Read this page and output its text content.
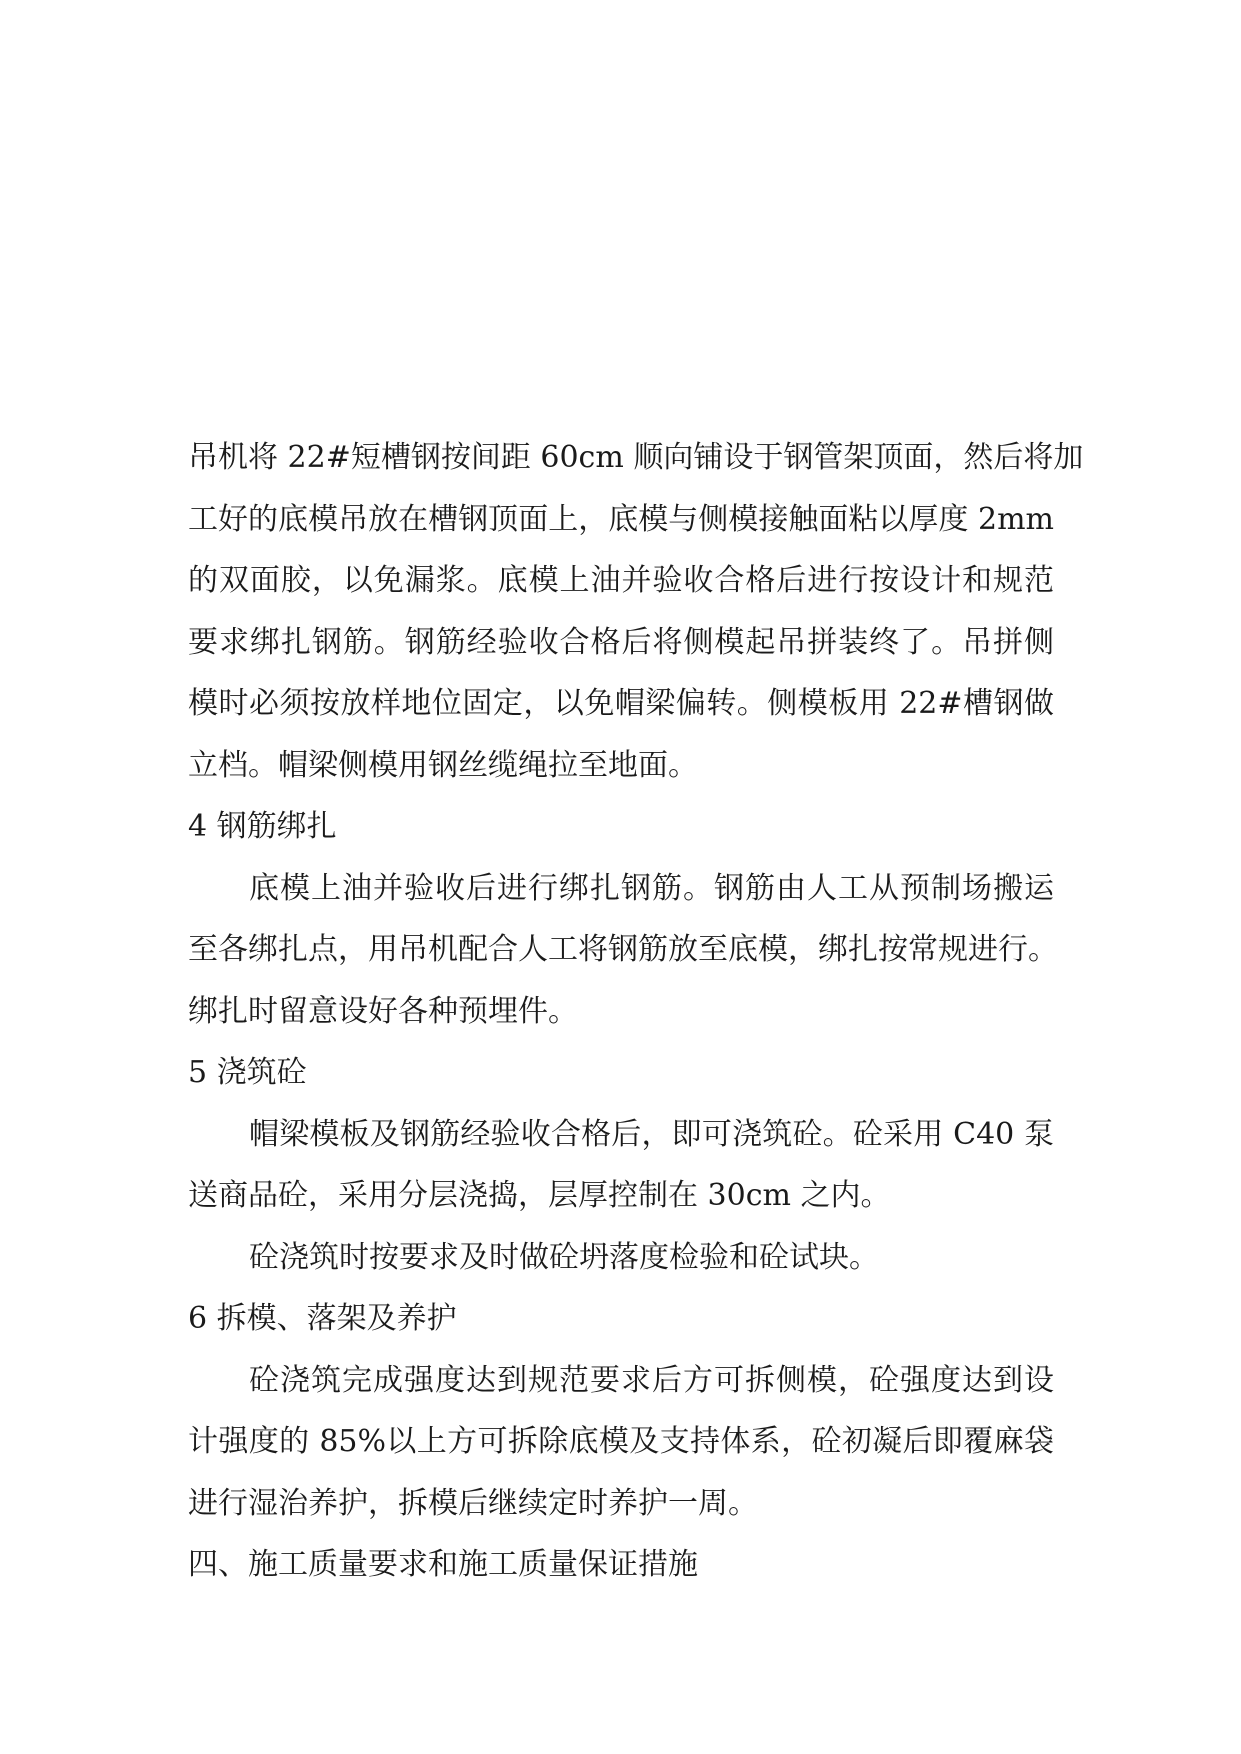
吊机将 22#短槽钢按间距 60cm 顺向铺设于钢管架顶面，然后将加
工好的底模吊放在槽钢顶面上，底模与侧模接触面粘以厚度 2mm
的双面胶，以免漏浆。底模上油并验收合格后进行按设计和规范
要求绑扎钢筋。钢筋经验收合格后将侧模起吊拼装终了。吊拼侧
模时必须按放样地位固定，以免帽梁偏转。侧模板用 22#槽钢做
立档。帽梁侧模用钢丝缆绳拉至地面。
4 钢筋绑扎
底模上油并验收后进行绑扎钢筋。钢筋由人工从预制场搬运
至各绑扎点，用吊机配合人工将钢筋放至底模，绑扎按常规进行。
绑扎时留意设好各种预埋件。
5 浇筑砼
帽梁模板及钢筋经验收合格后，即可浇筑砼。砼采用 C40 泵
送商品砼，采用分层浇捣，层厚控制在 30cm 之内。
砼浇筑时按要求及时做砼坍落度检验和砼试块。
6 拆模、落架及养护
砼浇筑完成强度达到规范要求后方可拆侧模，砼强度达到设
计强度的 85%以上方可拆除底模及支持体系，砼初凝后即覆麻袋
进行湿治养护，拆模后继续定时养护一周。
四、施工质量要求和施工质量保证措施
